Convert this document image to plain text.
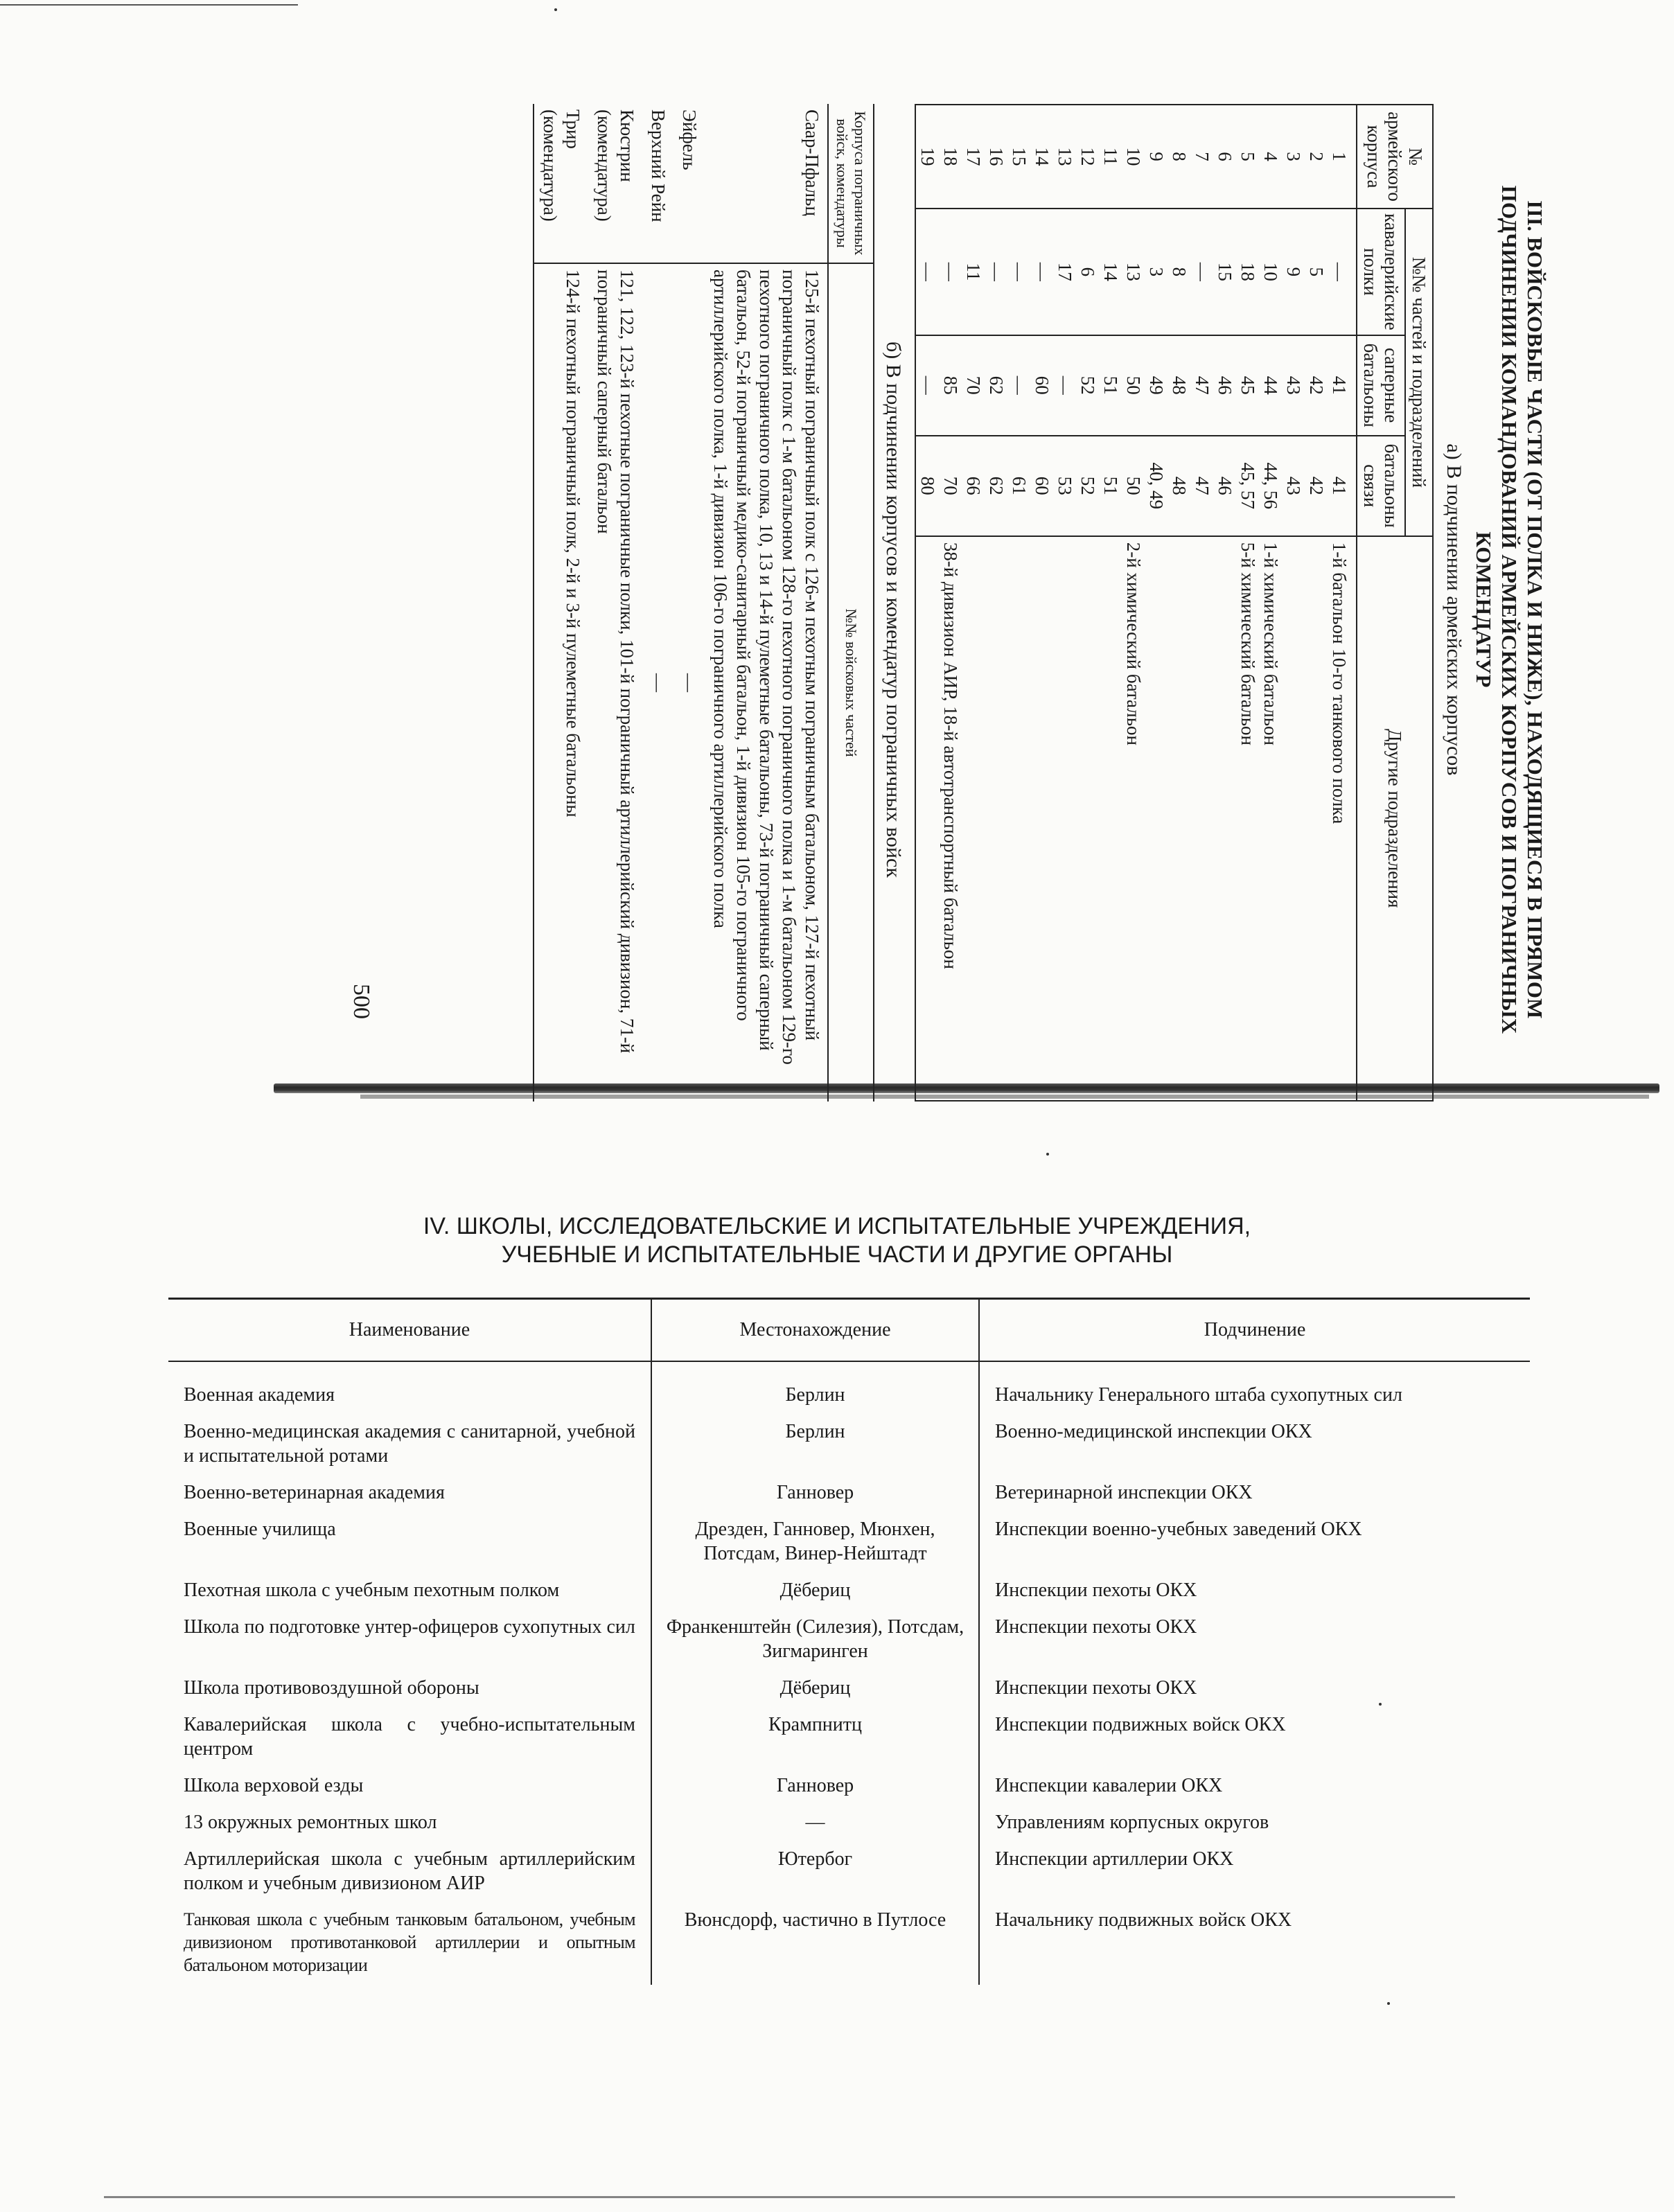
III. ВОЙСКОВЫЕ ЧАСТИ (ОТ ПОЛКА И НИЖЕ), НАХОДЯЩИЕСЯ В ПРЯМОМ
ПОДЧИНЕНИИ КОМАНДОВАНИЙ АРМЕЙСКИХ КОРПУСОВ И ПОГРАНИЧНЫХ
КОМЕНДАТУР
а) В подчинении армейских корпусов
№ армейского корпуса	№№ частей и подразделений			Другие подразделения
	кавалерийские полки	саперные батальоны	батальоны связи	
1	—	41	41	1-й батальон 10-го танкового полка
2	5	42	42	
3	9	43	43	
4	10	44	44, 56	1-й химический батальон
5	18	45	45, 57	5-й химический батальон
6	15	46	46	
7	—	47	47	
8	8	48	48	
9	3	49	40, 49	
10	13	50	50	2-й химический батальон
11	14	51	51	
12	6	52	52	
13	17	—	53	
14	—	60	60	
15	—	—	61	
16	—	62	62	
17	11	70	66	
18	—	85	70	38-й дивизион АИР, 18-й автотранспортный батальон
19	—	—	80	
б) В подчинении корпусов и комендатур пограничных войск
Корпуса пограничных войск, комендатуры	№№ войсковых частей
Саар-Пфальц	125-й пехотный пограничный полк с 126-м пехотным пограничным батальоном, 127-й пехотный пограничный полк с 1-м батальоном 128-го пехотного пограничного полка и 1-м батальоном 129-го пехотного пограничного полка, 10, 13 и 14-й пулеметные батальоны, 73-й пограничный саперный батальон, 52-й пограничный медико-санитарный батальон, 1-й дивизион 105-го пограничного артиллерийского полка, 1-й дивизион 106-го пограничного артиллерийского полка
Эйфель	—
Верхний Рейн	—
Кюстрин (комендатура)	121, 122, 123-й пехотные пограничные полки, 101-й пограничный артиллерийский дивизион, 71-й пограничный саперный батальон
Трир (комендатура)	124-й пехотный пограничный полк, 2-й и 3-й пулеметные батальоны
500
IV. ШКОЛЫ, ИССЛЕДОВАТЕЛЬСКИЕ И ИСПЫТАТЕЛЬНЫЕ УЧРЕЖДЕНИЯ,
УЧЕБНЫЕ И ИСПЫТАТЕЛЬНЫЕ ЧАСТИ И ДРУГИЕ ОРГАНЫ
Наименование	Местонахождение	Подчинение
Военная академия	Берлин	Начальнику Генерального штаба сухопутных сил
Военно-медицинская академия с санитарной, учебной и испытательной ротами	Берлин	Военно-медицинской инспекции ОКХ
Военно-ветеринарная академия	Ганновер	Ветеринарной инспекции ОКХ
Военные училища	Дрезден, Ганновер, Мюнхен, Потсдам, Винер-Нейштадт	Инспекции военно-учебных заведений ОКХ
Пехотная школа с учебным пехотным полком	Дёбериц	Инспекции пехоты ОКХ
Школа по подготовке унтер-офицеров сухопутных сил	Франкенштейн (Силезия), Потсдам, Зигмаринген	Инспекции пехоты ОКХ
Школа противовоздушной обороны	Дёбериц	Инспекции пехоты ОКХ
Кавалерийская школа с учебно-испытательным центром	Крампнитц	Инспекции подвижных войск ОКХ
Школа верховой езды	Ганновер	Инспекции кавалерии ОКХ
13 окружных ремонтных школ	—	Управлениям корпусных округов
Артиллерийская школа с учебным артиллерийским полком и учебным дивизионом АИР	Ютербог	Инспекции артиллерии ОКХ
Танковая школа с учебным танковым батальоном, учебным дивизионом противотанковой артиллерии и опытным батальоном моторизации	Вюнсдорф, частично в Путлосе	Начальнику подвижных войск ОКХ
